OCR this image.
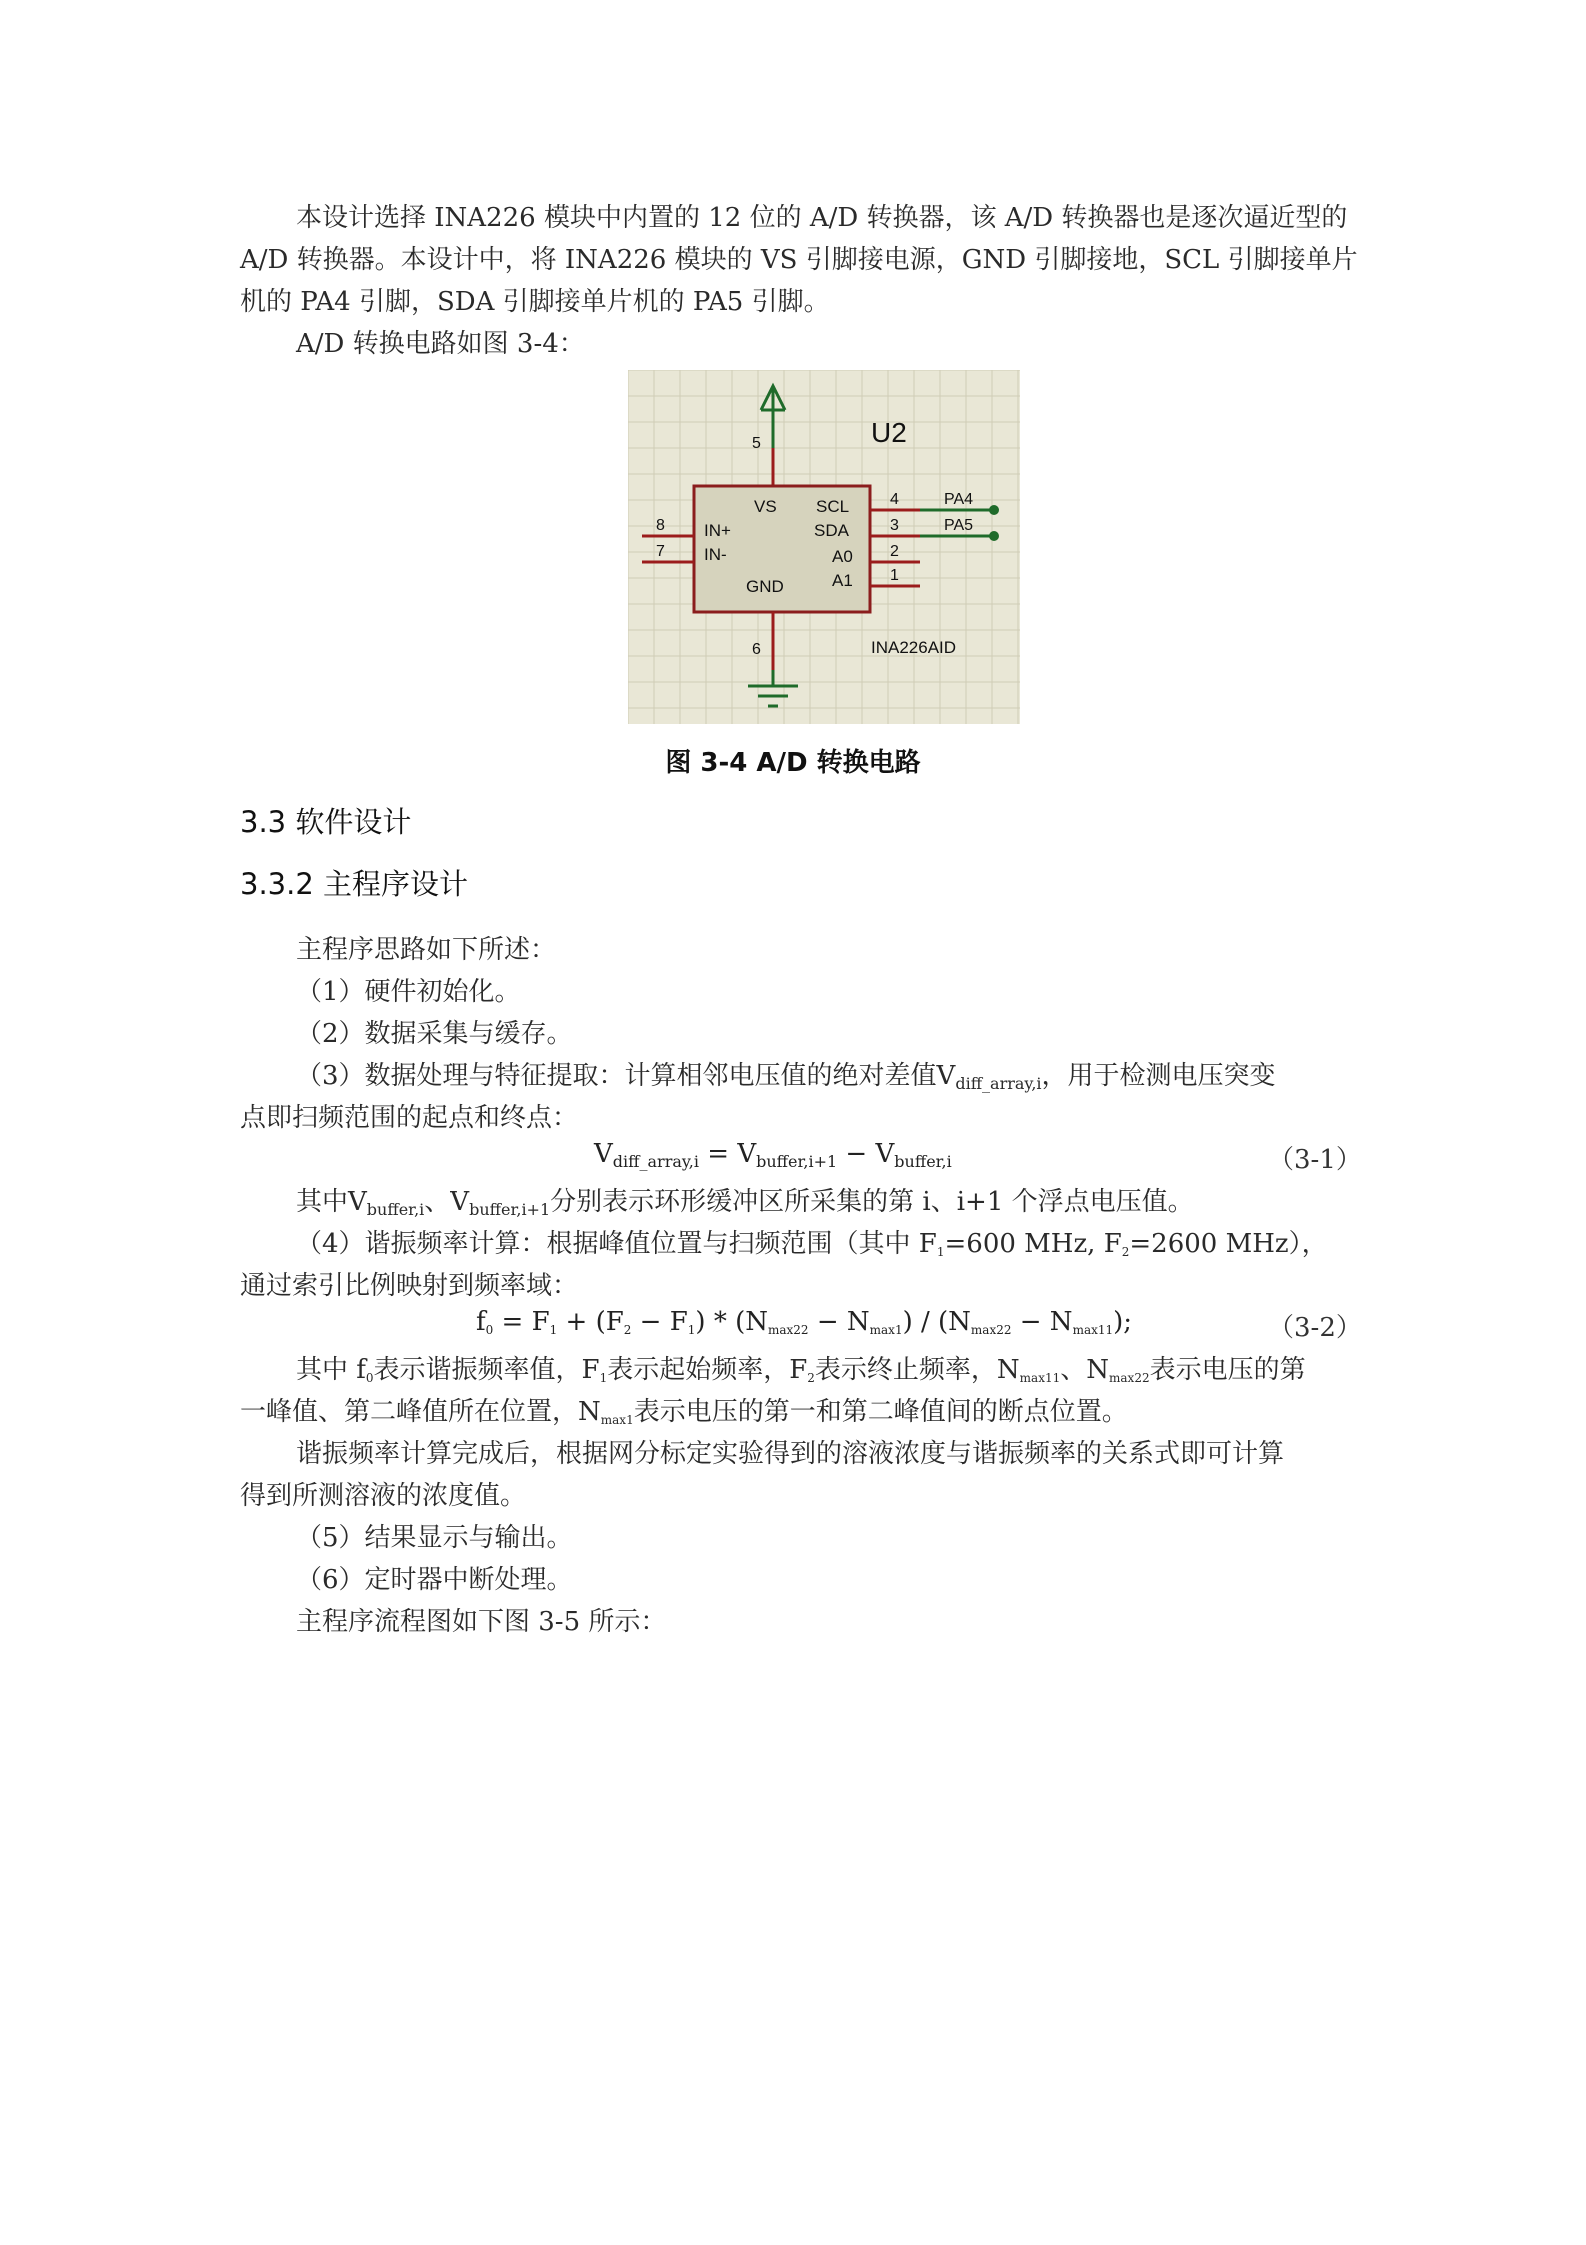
本设计选择 INA226 模块中内置的 12 位的 A/D 转换器，该 A/D 转换器也是逐次逼近型的
A/D 转换器。本设计中，将 INA226 模块的 VS 引脚接电源，GND 引脚接地，SCL 引脚接单片
机的 PA4 引脚，SDA 引脚接单片机的 PA5 引脚。
A/D 转换电路如图 3-4：
U2
INA226AID
VS SCL
SDA
A0
A1
IN+
IN-
GND
5
4
3
2
1
8
7
6
PA4
PA5
图 3-4 A/D 转换电路
3.3 软件设计
3.3.2 主程序设计
主程序思路如下所述：
（1）硬件初始化。
（2）数据采集与缓存。
（3）数据处理与特征提取：计算相邻电压值的绝对差值$V_{diff\_array,i}$，用于检测电压突变
点即扫频范围的起点和终点：
$V_{diff\_array,i} = V_{buffer,i+1} - V_{buffer,i}$	（3-1）
其中$V_{buffer,i}$、$V_{buffer,i+1}$分别表示环形缓冲区所采集的第 i、i+1 个浮点电压值。
（4）谐振频率计算：根据峰值位置与扫频范围（其中 $F_1=600$ MHz, $F_2=2600$ MHz），
通过索引比例映射到频率域：
$f_0 = F_1 + (F_2 - F_1) * (N_{max22} - N_{max1}) / (N_{max22} - N_{max11})$;	（3-2）
其中 $f_0$表示谐振频率值，$F_1$表示起始频率，$F_2$表示终止频率，$N_{max11}$、$N_{max22}$表示电压的第
一峰值、第二峰值所在位置，$N_{max1}$表示电压的第一和第二峰值间的断点位置。
谐振频率计算完成后，根据网分标定实验得到的溶液浓度与谐振频率的关系式即可计算
得到所测溶液的浓度值。
（5）结果显示与输出。
（6）定时器中断处理。
主程序流程图如下图 3-5 所示：
